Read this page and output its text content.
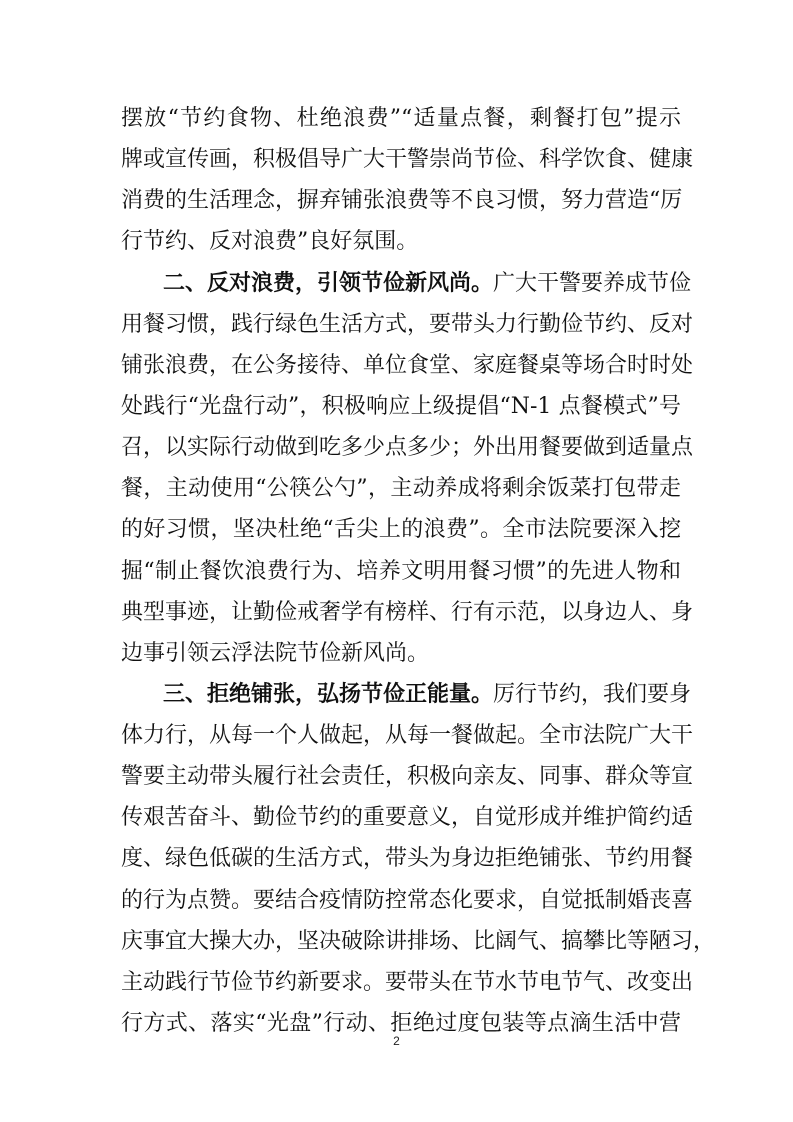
摆放“节约食物、杜绝浪费”“适量点餐，剩餐打包”提示
牌或宣传画，积极倡导广大干警崇尚节俭、科学饮食、健康
消费的生活理念，摒弃铺张浪费等不良习惯，努力营造“厉
行节约、反对浪费”良好氛围。
二、反对浪费，引领节俭新风尚。广大干警要养成节俭
用餐习惯，践行绿色生活方式，要带头力行勤俭节约、反对
铺张浪费，在公务接待、单位食堂、家庭餐桌等场合时时处
处践行“光盘行动”，积极响应上级提倡“N-1 点餐模式”号
召，以实际行动做到吃多少点多少；外出用餐要做到适量点
餐，主动使用“公筷公勺”，主动养成将剩余饭菜打包带走
的好习惯，坚决杜绝“舌尖上的浪费”。全市法院要深入挖
掘“制止餐饮浪费行为、培养文明用餐习惯”的先进人物和
典型事迹，让勤俭戒奢学有榜样、行有示范，以身边人、身
边事引领云浮法院节俭新风尚。
三、拒绝铺张，弘扬节俭正能量。厉行节约，我们要身
体力行，从每一个人做起，从每一餐做起。全市法院广大干
警要主动带头履行社会责任，积极向亲友、同事、群众等宣
传艰苦奋斗、勤俭节约的重要意义，自觉形成并维护简约适
度、绿色低碳的生活方式，带头为身边拒绝铺张、节约用餐
的行为点赞。要结合疫情防控常态化要求，自觉抵制婚丧喜
庆事宜大操大办，坚决破除讲排场、比阔气、搞攀比等陋习，
主动践行节俭节约新要求。要带头在节水节电节气、改变出
行方式、落实“光盘”行动、拒绝过度包装等点滴生活中营
2
